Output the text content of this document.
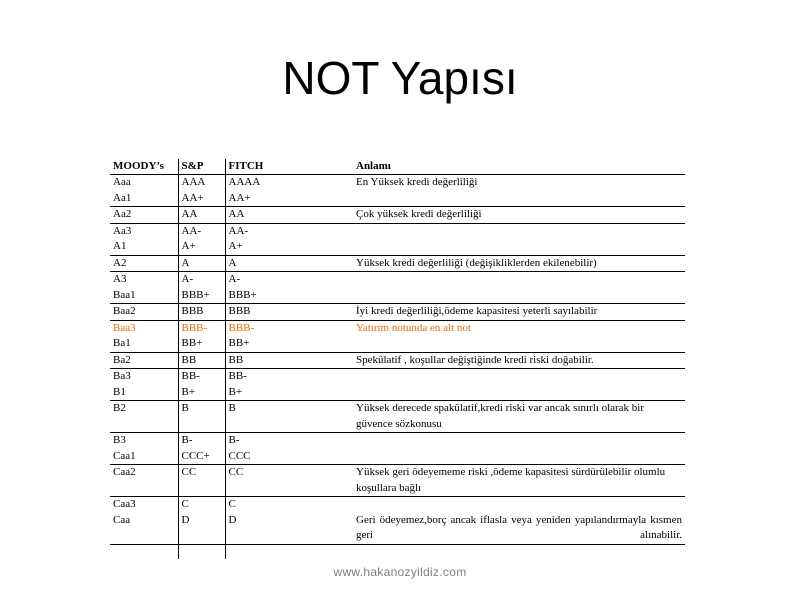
NOT Yapısı
MOODY’s	S&P	FITCH	Anlamı
Aaa	AAA	AAAA	En Yüksek kredi değerliliği
Aa1	AA+	AA+	
Aa2	AA	AA	Çok yüksek kredi değerliliği
Aa3	AA-	AA-	
A1	A+	A+	
A2	A	A	Yüksek kredi değerliliği (değişikliklerden ekilenebilir)
A3	A-	A-	
Baa1	BBB+	BBB+	
Baa2	BBB	BBB	İyi kredi değerliliği,ödeme kapasitesi yeterli sayılabilir
Baa3	BBB-	BBB-	Yatırım notunda en alt not
Ba1	BB+	BB+	
Ba2	BB	BB	Spekülatif , koşullar değiştiğinde kredi riski doğabilir.
Ba3	BB-	BB-	
B1	B+	B+	
B2	B	B	Yüksek derecede spakülatif,kredi riski var ancak sınırlı olarak bir güvence sözkonusu
B3	B-	B-	
Caa1	CCC+	CCC	
Caa2	CC	CC	Yüksek geri ödeyememe riski ,ödeme kapasitesi sürdürülebilir olumlu koşullara bağlı
Caa3	C	C	
Caa	D	D	Geri ödeyemez,borç ancak iflasla veya yeniden yapılandırmayla kısmen geri alınabilir.

www.hakanozyildiz.com
